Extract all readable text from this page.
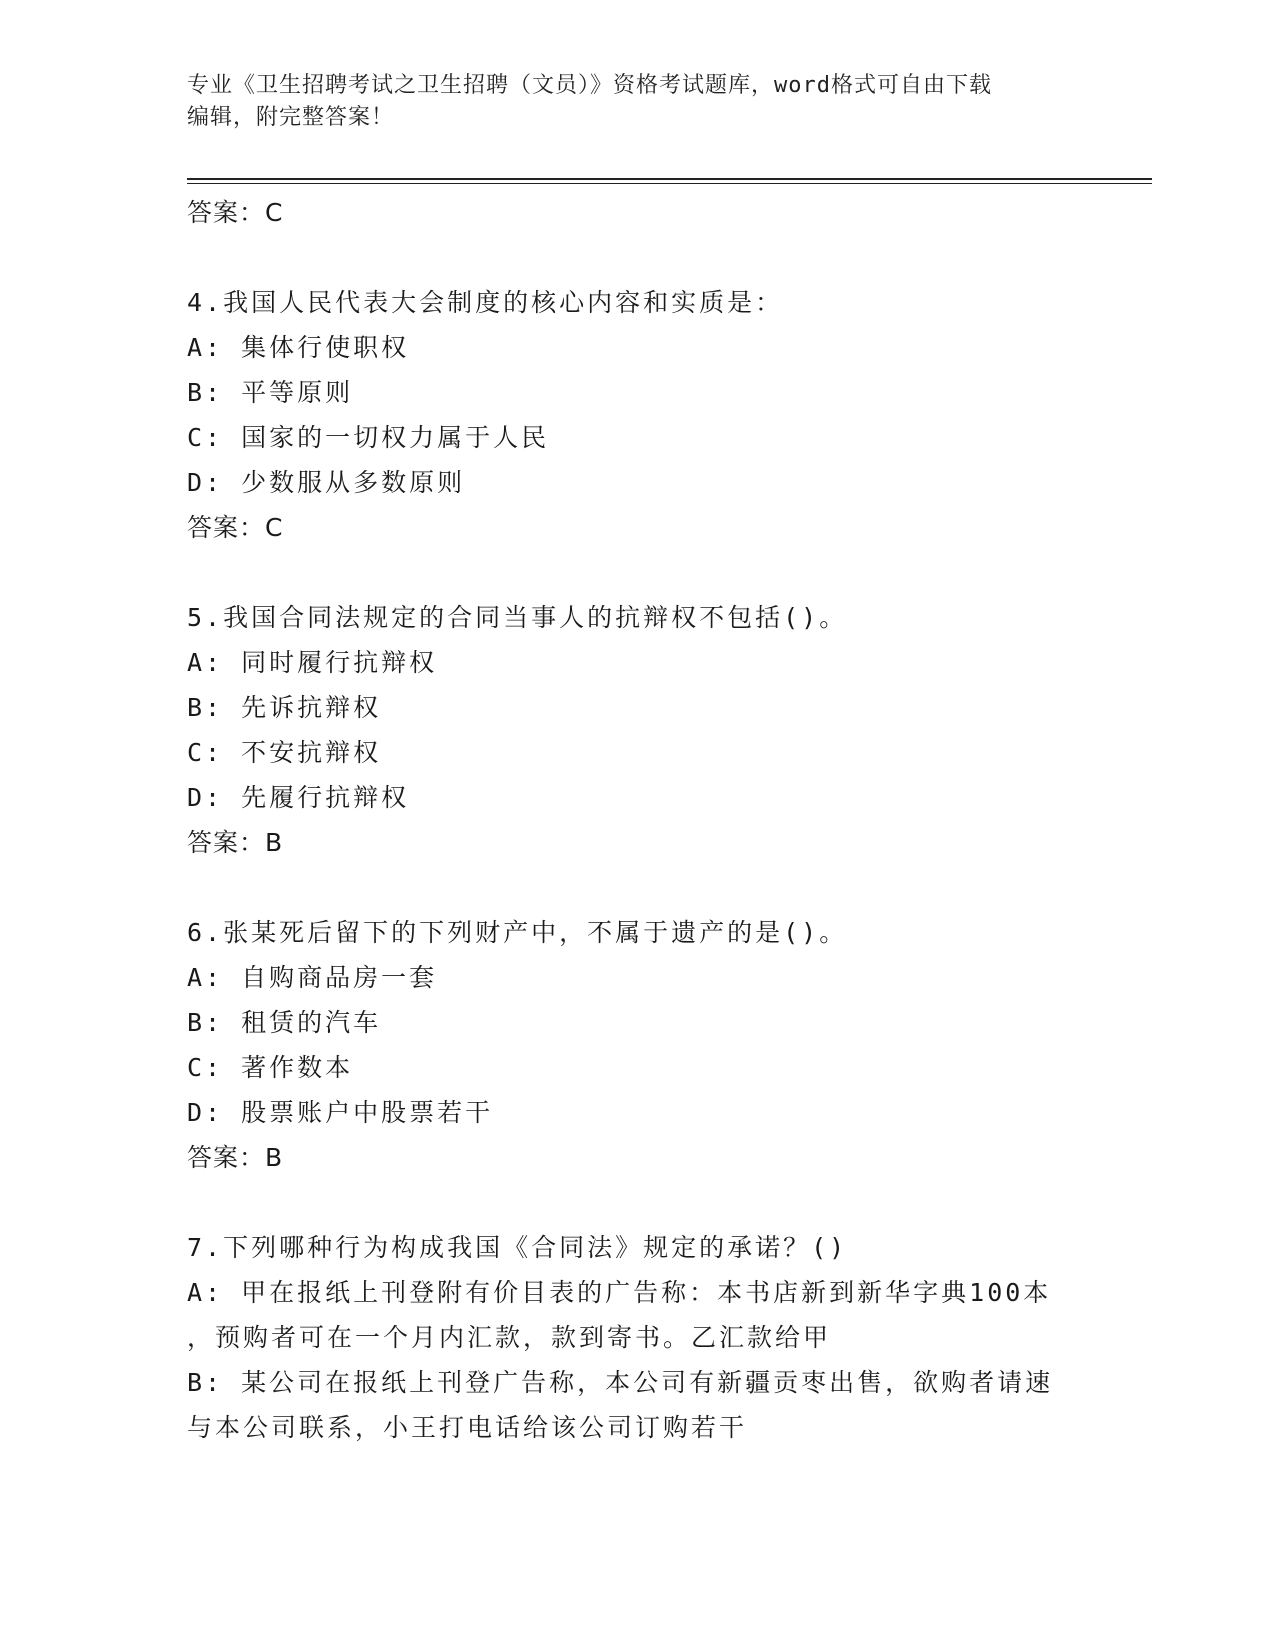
专业《卫生招聘考试之卫生招聘（文员）》资格考试题库，word格式可自由下载
编辑，附完整答案！
答案：C
4.我国人民代表大会制度的核心内容和实质是：
A: 集体行使职权
B: 平等原则
C: 国家的一切权力属于人民
D: 少数服从多数原则
答案：C
5.我国合同法规定的合同当事人的抗辩权不包括()。
A: 同时履行抗辩权
B: 先诉抗辩权
C: 不安抗辩权
D: 先履行抗辩权
答案：B
6.张某死后留下的下列财产中，不属于遗产的是()。
A: 自购商品房一套
B: 租赁的汽车
C: 著作数本
D: 股票账户中股票若干
答案：B
7.下列哪种行为构成我国《合同法》规定的承诺？()
A: 甲在报纸上刊登附有价目表的广告称：本书店新到新华字典100本
，预购者可在一个月内汇款，款到寄书。乙汇款给甲
B: 某公司在报纸上刊登广告称，本公司有新疆贡枣出售，欲购者请速
与本公司联系，小王打电话给该公司订购若干
